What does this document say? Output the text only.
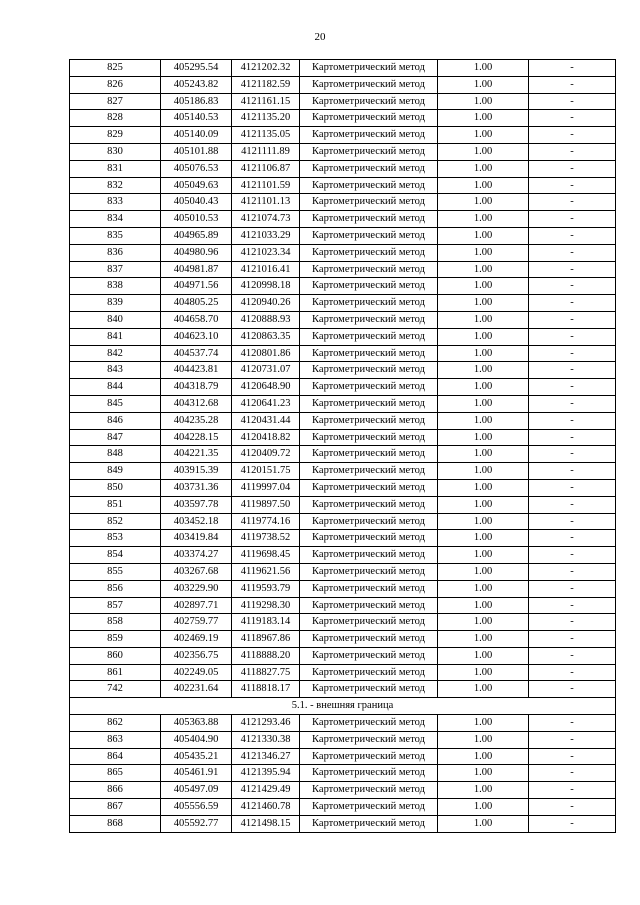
20
825	405295.54	4121202.32	Картометрический метод	1.00	-
826	405243.82	4121182.59	Картометрический метод	1.00	-
827	405186.83	4121161.15	Картометрический метод	1.00	-
828	405140.53	4121135.20	Картометрический метод	1.00	-
829	405140.09	4121135.05	Картометрический метод	1.00	-
830	405101.88	4121111.89	Картометрический метод	1.00	-
831	405076.53	4121106.87	Картометрический метод	1.00	-
832	405049.63	4121101.59	Картометрический метод	1.00	-
833	405040.43	4121101.13	Картометрический метод	1.00	-
834	405010.53	4121074.73	Картометрический метод	1.00	-
835	404965.89	4121033.29	Картометрический метод	1.00	-
836	404980.96	4121023.34	Картометрический метод	1.00	-
837	404981.87	4121016.41	Картометрический метод	1.00	-
838	404971.56	4120998.18	Картометрический метод	1.00	-
839	404805.25	4120940.26	Картометрический метод	1.00	-
840	404658.70	4120888.93	Картометрический метод	1.00	-
841	404623.10	4120863.35	Картометрический метод	1.00	-
842	404537.74	4120801.86	Картометрический метод	1.00	-
843	404423.81	4120731.07	Картометрический метод	1.00	-
844	404318.79	4120648.90	Картометрический метод	1.00	-
845	404312.68	4120641.23	Картометрический метод	1.00	-
846	404235.28	4120431.44	Картометрический метод	1.00	-
847	404228.15	4120418.82	Картометрический метод	1.00	-
848	404221.35	4120409.72	Картометрический метод	1.00	-
849	403915.39	4120151.75	Картометрический метод	1.00	-
850	403731.36	4119997.04	Картометрический метод	1.00	-
851	403597.78	4119897.50	Картометрический метод	1.00	-
852	403452.18	4119774.16	Картометрический метод	1.00	-
853	403419.84	4119738.52	Картометрический метод	1.00	-
854	403374.27	4119698.45	Картометрический метод	1.00	-
855	403267.68	4119621.56	Картометрический метод	1.00	-
856	403229.90	4119593.79	Картометрический метод	1.00	-
857	402897.71	4119298.30	Картометрический метод	1.00	-
858	402759.77	4119183.14	Картометрический метод	1.00	-
859	402469.19	4118967.86	Картометрический метод	1.00	-
860	402356.75	4118888.20	Картометрический метод	1.00	-
861	402249.05	4118827.75	Картометрический метод	1.00	-
742	402231.64	4118818.17	Картометрический метод	1.00	-
5.1. - внешняя граница					
862	405363.88	4121293.46	Картометрический метод	1.00	-
863	405404.90	4121330.38	Картометрический метод	1.00	-
864	405435.21	4121346.27	Картометрический метод	1.00	-
865	405461.91	4121395.94	Картометрический метод	1.00	-
866	405497.09	4121429.49	Картометрический метод	1.00	-
867	405556.59	4121460.78	Картометрический метод	1.00	-
868	405592.77	4121498.15	Картометрический метод	1.00	-
